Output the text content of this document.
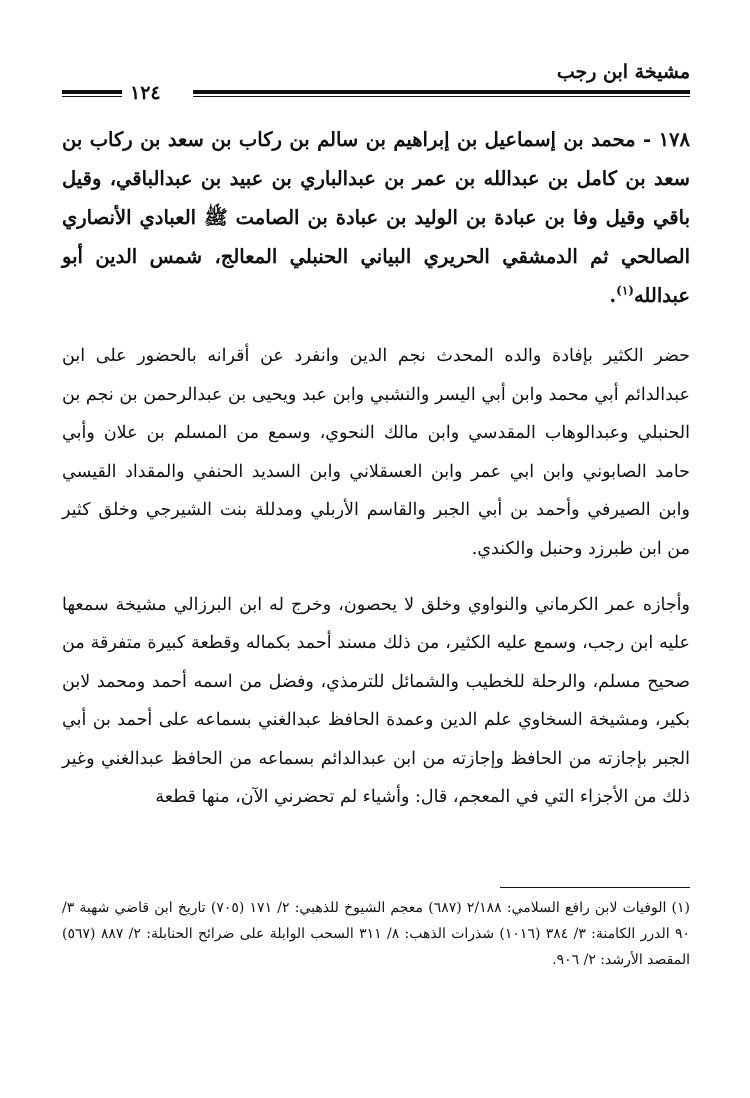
مشيخة ابن رجب
١٢٤
١٧٨ - محمد بن إسماعيل بن إبراهيم بن سالم بن ركاب بن سعد بن ركاب بن سعد بن كامل بن عبدالله بن عمر بن عبدالباري بن عبيد بن عبدالباقي، وقيل باقي وقيل وفا بن عبادة بن الوليد بن عبادة بن الصامت ﷺ العبادي الأنصاري الصالحي ثم الدمشقي الحريري البياني الحنبلي المعالج، شمس الدين أبو عبدالله$^{(١)}$.

حضر الكثير بإفادة والده المحدث نجم الدين وانفرد عن أقرانه بالحضور على ابن عبدالدائم أبي محمد وابن أبي اليسر والنشبي وابن عبد ويحيى بن عبدالرحمن بن نجم بن الحنبلي وعبدالوهاب المقدسي وابن مالك النحوي، وسمع من المسلم بن علان وأبي حامد الصابوني وابن ابي عمر وابن العسقلاني وابن السديد الحنفي والمقداد القيسي وابن الصيرفي وأحمد بن أبي الجبر والقاسم الأربلي ومدللة بنت الشيرجي وخلق كثير من ابن طبرزد وحنبل والكندي.

وأجازه عمر الكرماني والنواوي وخلق لا يحصون، وخرج له ابن البرزالي مشيخة سمعها عليه ابن رجب، وسمع عليه الكثير، من ذلك مسند أحمد بكماله وقطعة كبيرة متفرقة من صحيح مسلم، والرحلة للخطيب والشمائل للترمذي، وفضل من اسمه أحمد ومحمد لابن بكير، ومشيخة السخاوي علم الدين وعمدة الحافظ عبدالغني بسماعه على أحمد بن أبي الجبر بإجازته من الحافظ وإجازته من ابن عبدالدائم بسماعه من الحافظ عبدالغني وغير ذلك من الأجزاء التي في المعجم، قال: وأشياء لم تحضرني الآن، منها قطعة

(١) الوفيات لابن رافع السلامي: ٢/١٨٨ (٦٨٧) معجم الشيوخ للذهبي: ٢/ ١٧١ (٧٠٥) تاريخ ابن قاضي شهبة ٣/ ٩٠ الدرر الكامنة: ٣/ ٣٨٤ (١٠١٦) شذرات الذهب: ٨/ ٣١١ السحب الوابلة على ضرائح الحنابلة: ٢/ ٨٨٧ (٥٦٧) المقصد الأرشد: ٢/ ٩٠٦.
